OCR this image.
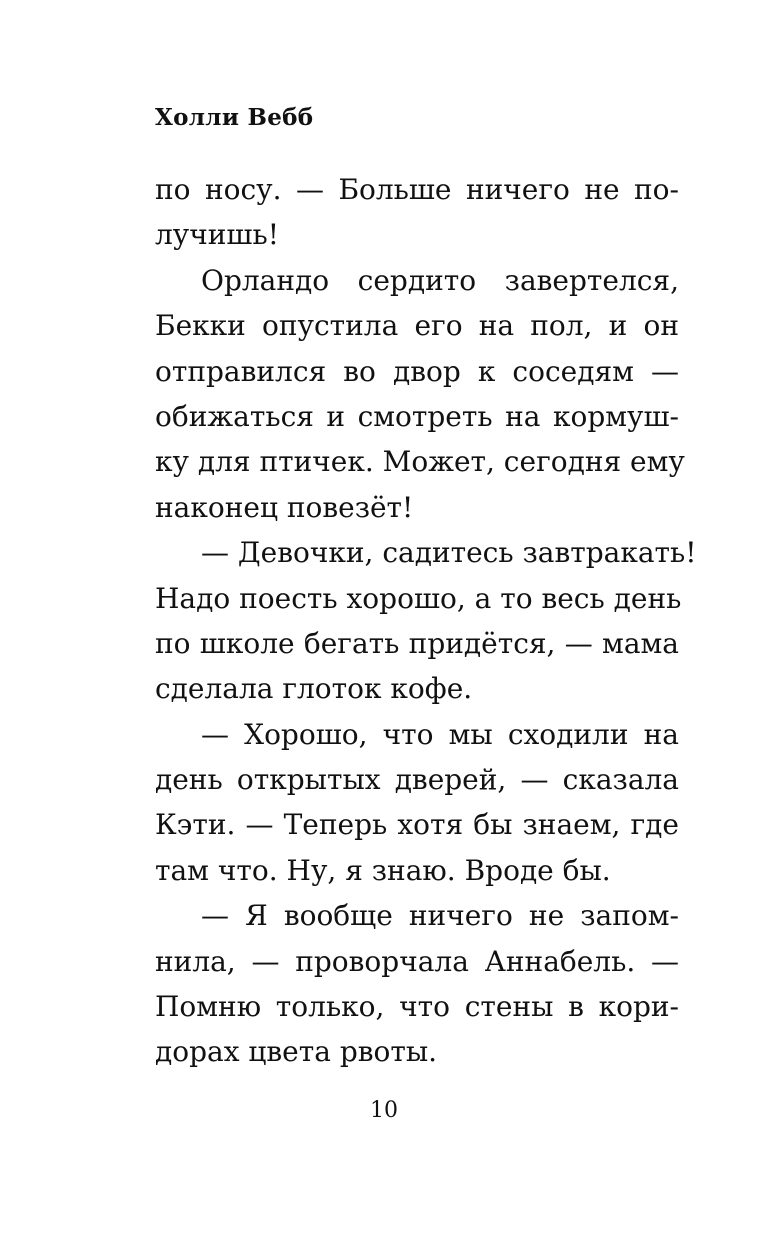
Холли Вебб
по носу. — Больше ничего не по-
лучишь!
Орландо сердито завертелся,
Бекки опустила его на пол, и он
отправился во двор к соседям —
обижаться и смотреть на кормуш-
ку для птичек. Может, сегодня ему
наконец повезёт!
— Девочки, садитесь завтракать!
Надо поесть хорошо, а то весь день
по школе бегать придётся, — мама
сделала глоток кофе.
— Хорошо, что мы сходили на
день открытых дверей, — сказала
Кэти. — Теперь хотя бы знаем, где
там что. Ну, я знаю. Вроде бы.
— Я вообще ничего не запом-
нила, — проворчала Аннабель. —
Помню только, что стены в кори-
дорах цвета рвоты.
10
